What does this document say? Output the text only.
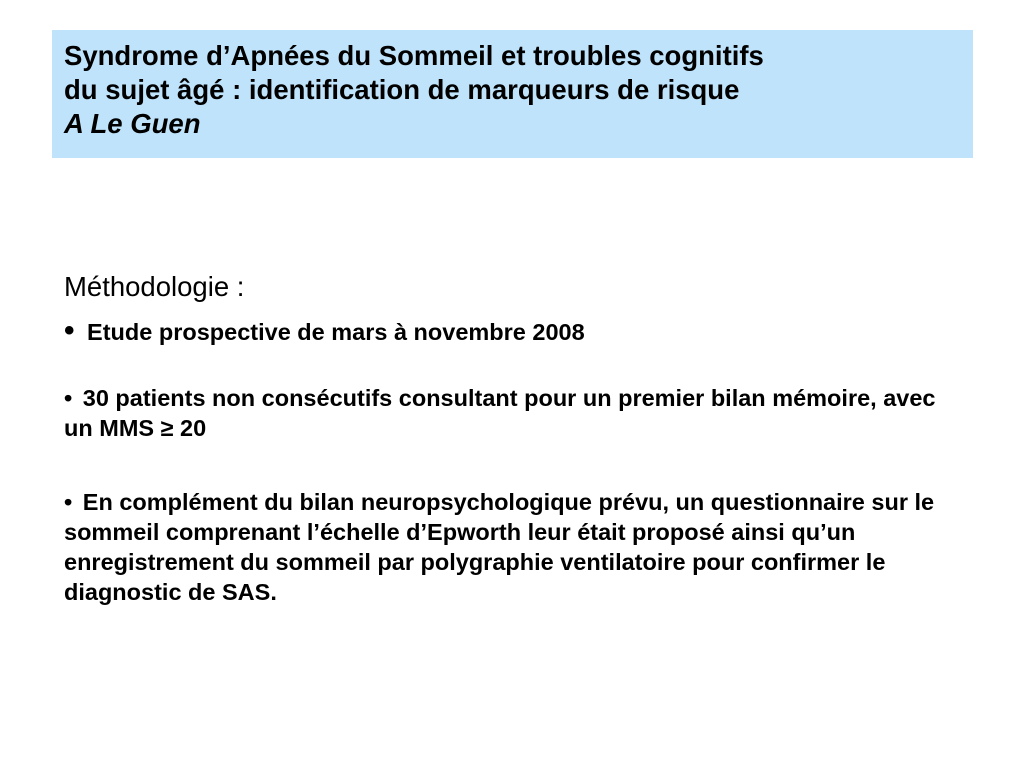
Syndrome d’Apnées du Sommeil et troubles cognitifs
du sujet âgé : identification de marqueurs de risque
A Le Guen
Méthodologie :
• Etude prospective de mars à novembre 2008
• 30 patients non consécutifs consultant pour un premier bilan mémoire, avec un MMS ≥ 20
• En complément du bilan neuropsychologique prévu, un questionnaire sur le sommeil comprenant l’échelle d’Epworth leur était proposé ainsi qu’un enregistrement du sommeil par polygraphie ventilatoire pour confirmer le diagnostic de SAS.
